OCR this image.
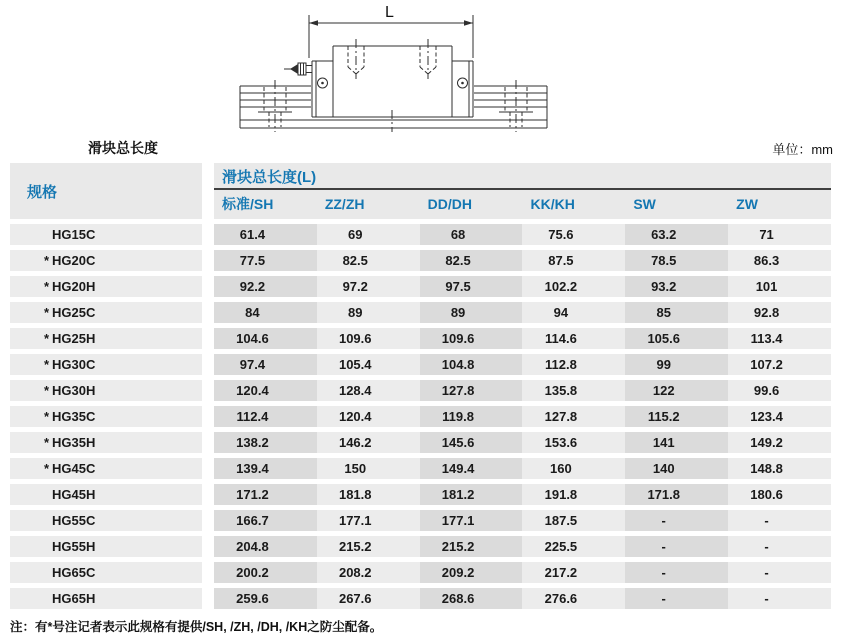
L
滑块总长度	单位：mm
规格
滑块总长度(L)
标准/SH	ZZ/ZH	DD/DH	KK/KH	SW	ZW
HG15C	61.4	69	68	75.6	63.2	71
* HG20C	77.5	82.5	82.5	87.5	78.5	86.3
* HG20H	92.2	97.2	97.5	102.2	93.2	101
* HG25C	84	89	89	94	85	92.8
* HG25H	104.6	109.6	109.6	114.6	105.6	113.4
* HG30C	97.4	105.4	104.8	112.8	99	107.2
* HG30H	120.4	128.4	127.8	135.8	122	99.6
* HG35C	112.4	120.4	119.8	127.8	115.2	123.4
* HG35H	138.2	146.2	145.6	153.6	141	149.2
* HG45C	139.4	150	149.4	160	140	148.8
HG45H	171.2	181.8	181.2	191.8	171.8	180.6
HG55C	166.7	177.1	177.1	187.5	-	-
HG55H	204.8	215.2	215.2	225.5	-	-
HG65C	200.2	208.2	209.2	217.2	-	-
HG65H	259.6	267.6	268.6	276.6	-	-
注：有*号注记者表示此规格有提供/SH, /ZH, /DH, /KH之防尘配备。
